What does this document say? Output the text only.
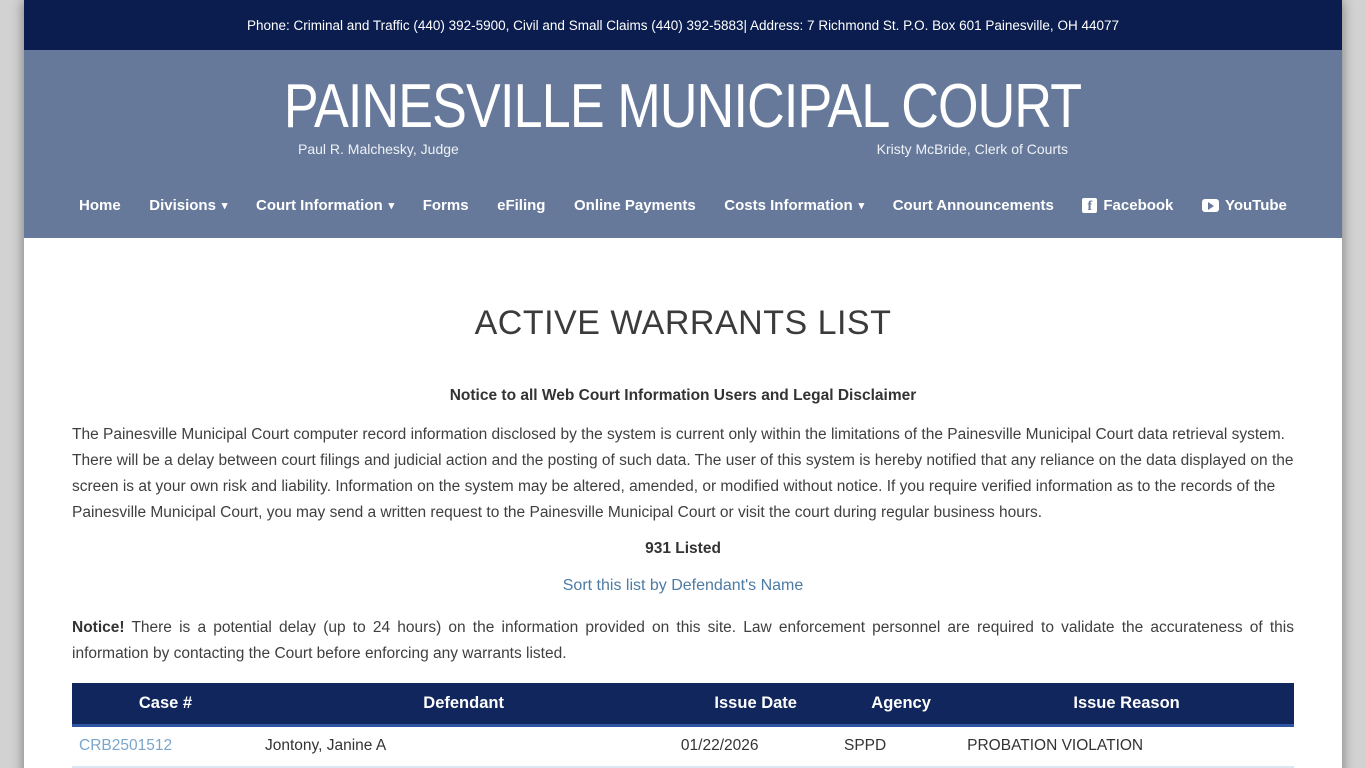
Phone: Criminal and Traffic (440) 392-5900, Civil and Small Claims (440) 392-5883| Address: 7 Richmond St. P.O. Box 601 Painesville, OH 44077
PAINESVILLE MUNICIPAL COURT
Paul R. Malchesky, Judge	Kristy McBride, Clerk of Courts
Home Divisions ▾ Court Information ▾ Forms eFiling Online Payments Costs Information ▾ Court Announcements	f Facebook	YouTube
ACTIVE WARRANTS LIST
Notice to all Web Court Information Users and Legal Disclaimer

The Painesville Municipal Court computer record information disclosed by the system is current only within the limitations of the Painesville Municipal Court data retrieval system. There will be a delay between court filings and judicial action and the posting of such data. The user of this system is hereby notified that any reliance on the data displayed on the screen is at your own risk and liability. Information on the system may be altered, amended, or modified without notice. If you require verified information as to the records of the Painesville Municipal Court, you may send a written request to the Painesville Municipal Court or visit the court during regular business hours.

931 Listed
Sort this list by Defendant's Name

Notice! There is a potential delay (up to 24 hours) on the information provided on this site. Law enforcement personnel are required to validate the accurateness of this information by contacting the Court before enforcing any warrants listed.

Case #	Defendant	Issue Date	Agency	Issue Reason
CRB2501512	Jontony, Janine A	01/22/2026	SPPD	PROBATION VIOLATION
